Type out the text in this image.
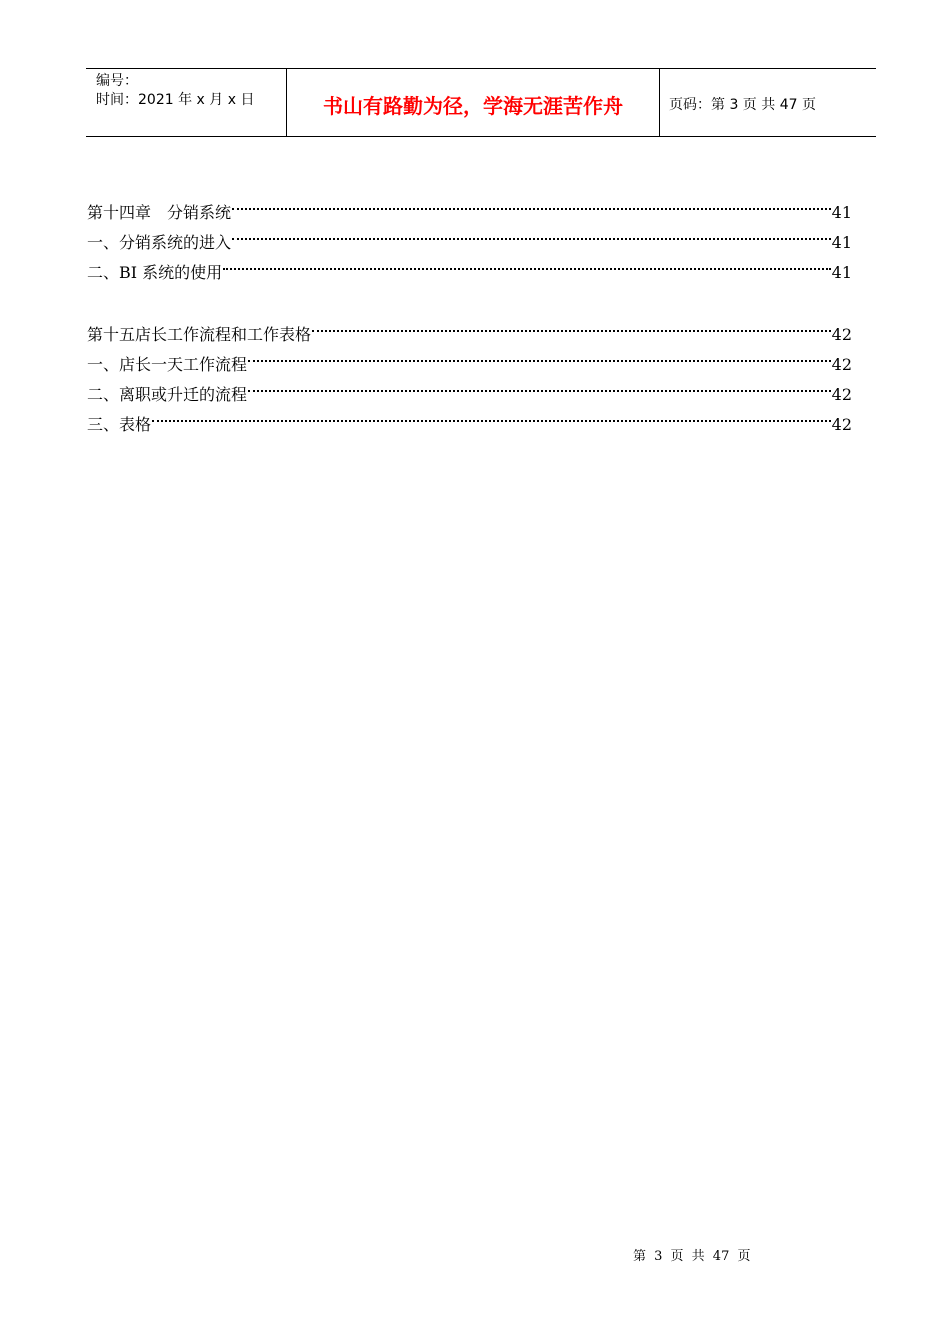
编号：
时间：2021 年 x 月 x 日	书山有路勤为径，学海无涯苦作舟	页码：第 3 页 共 47 页
第十四章　分销系统	41
一、分销系统的进入	41
二、BI 系统的使用	41
第十五店长工作流程和工作表格	42
一、店长一天工作流程	42
二、离职或升迁的流程	42
三、表格	42
第 3 页 共 47 页
